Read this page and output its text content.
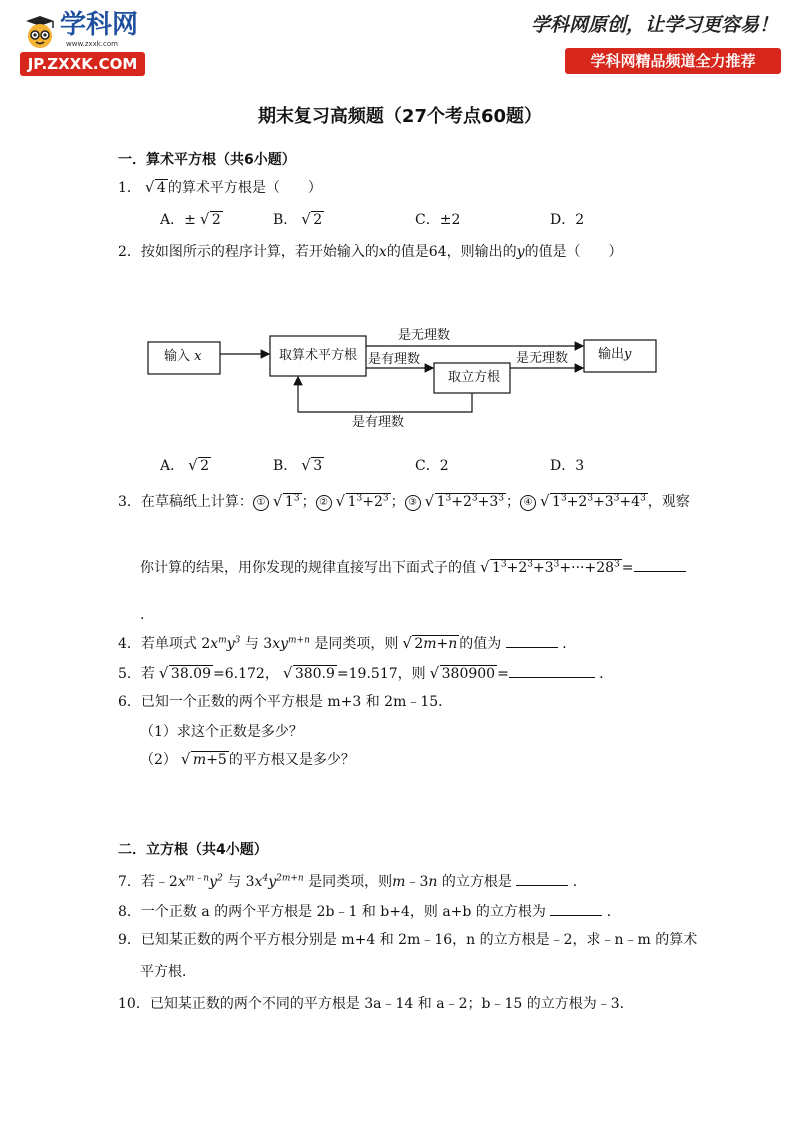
学科网
www.zxxk.com
JP.ZXXK.COM
学科网原创，让学习更容易！
学科网精品频道全力推荐
期末复习高频题（27个考点60题）
一．算术平方根（共6小题）
1． √ 4 的算术平方根是（　　）
A．± √ 2	B． √ 2	C．±2	D．2
2．按如图所示的程序计算，若开始输入的x的值是64，则输出的y的值是（　　）
输入 x	取算术平方根
取立方根
输出y
是无理数
是有理数	是无理数
是有理数
A． √ 2	B． √ 3	C．2	D．3
3．在草稿纸上计算： ① √ $1^3$ ； ② √ $1^3+2^3$ ； ③ √ $1^3+2^3+3^3$ ； ④ √ $1^3+2^3+3^3+4^3$ ，观察
你计算的结果，用你发现的规律直接写出下面式子的值 √ $1^3+2^3+3^3+\cdot\cdot\cdot+28^3$ =
.
4．若单项式 $2x^my^3$ 与 $3xy^{m+n}$ 是同类项，则 √ 2m+n 的值为	．
5．若 √ 38.09 =6.172， √ 380.9 =19.517，则 √ 380900 =	．
6．已知一个正数的两个平方根是 m+3 和 2m﹣15．
（1）求这个正数是多少？
（2） √ m+5 的平方根又是多少？
二．立方根（共4小题）
7．若$﹣2x^{m﹣n}y^2$ 与 $3x^4y^{2m+n}$ 是同类项，则m﹣3n 的立方根是	．
8．一个正数 a 的两个平方根是 2b﹣1 和 b+4，则 a+b 的立方根为	．
9．已知某正数的两个平方根分别是 m+4 和 2m﹣16，n 的立方根是﹣2，求﹣n﹣m 的算术
平方根．
10．已知某正数的两个不同的平方根是 3a﹣14 和 a﹣2；b﹣15 的立方根为﹣3．
